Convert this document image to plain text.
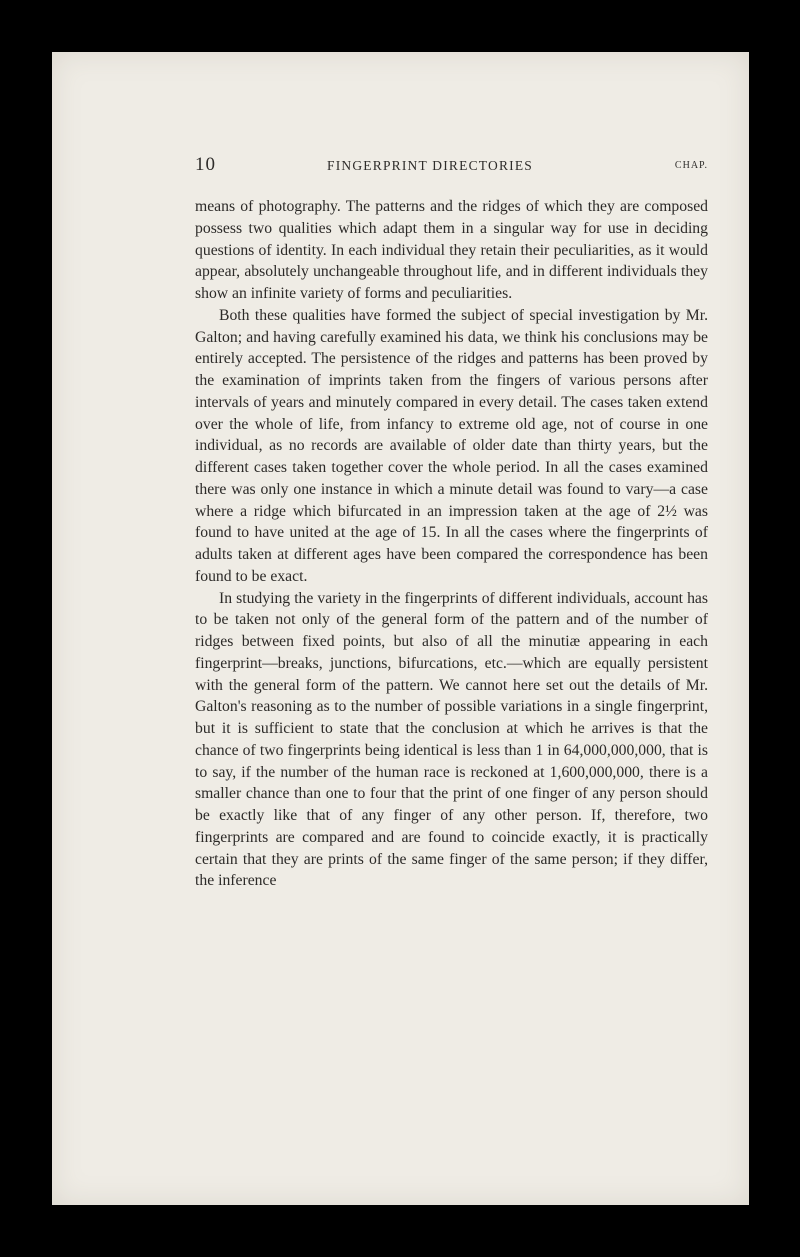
10	FINGERPRINT DIRECTORIES	CHAP.

means of photography. The patterns and the ridges of which they are composed possess two qualities which adapt them in a singular way for use in deciding questions of identity. In each individual they retain their peculiarities, as it would appear, absolutely unchangeable throughout life, and in different individuals they show an infinite variety of forms and peculiarities.

Both these qualities have formed the subject of special investigation by Mr. Galton; and having carefully examined his data, we think his conclusions may be entirely accepted. The persistence of the ridges and patterns has been proved by the examination of imprints taken from the fingers of various persons after intervals of years and minutely compared in every detail. The cases taken extend over the whole of life, from infancy to extreme old age, not of course in one individual, as no records are available of older date than thirty years, but the different cases taken together cover the whole period. In all the cases examined there was only one instance in which a minute detail was found to vary—a case where a ridge which bifurcated in an impression taken at the age of 2½ was found to have united at the age of 15. In all the cases where the fingerprints of adults taken at different ages have been compared the correspondence has been found to be exact.

In studying the variety in the fingerprints of different individuals, account has to be taken not only of the general form of the pattern and of the number of ridges between fixed points, but also of all the minutiæ appearing in each fingerprint—breaks, junctions, bifurcations, etc.—which are equally persistent with the general form of the pattern. We cannot here set out the details of Mr. Galton's reasoning as to the number of possible variations in a single fingerprint, but it is sufficient to state that the conclusion at which he arrives is that the chance of two fingerprints being identical is less than 1 in 64,000,000,000, that is to say, if the number of the human race is reckoned at 1,600,000,000, there is a smaller chance than one to four that the print of one finger of any person should be exactly like that of any finger of any other person. If, therefore, two fingerprints are compared and are found to coincide exactly, it is practically certain that they are prints of the same finger of the same person; if they differ, the inference
